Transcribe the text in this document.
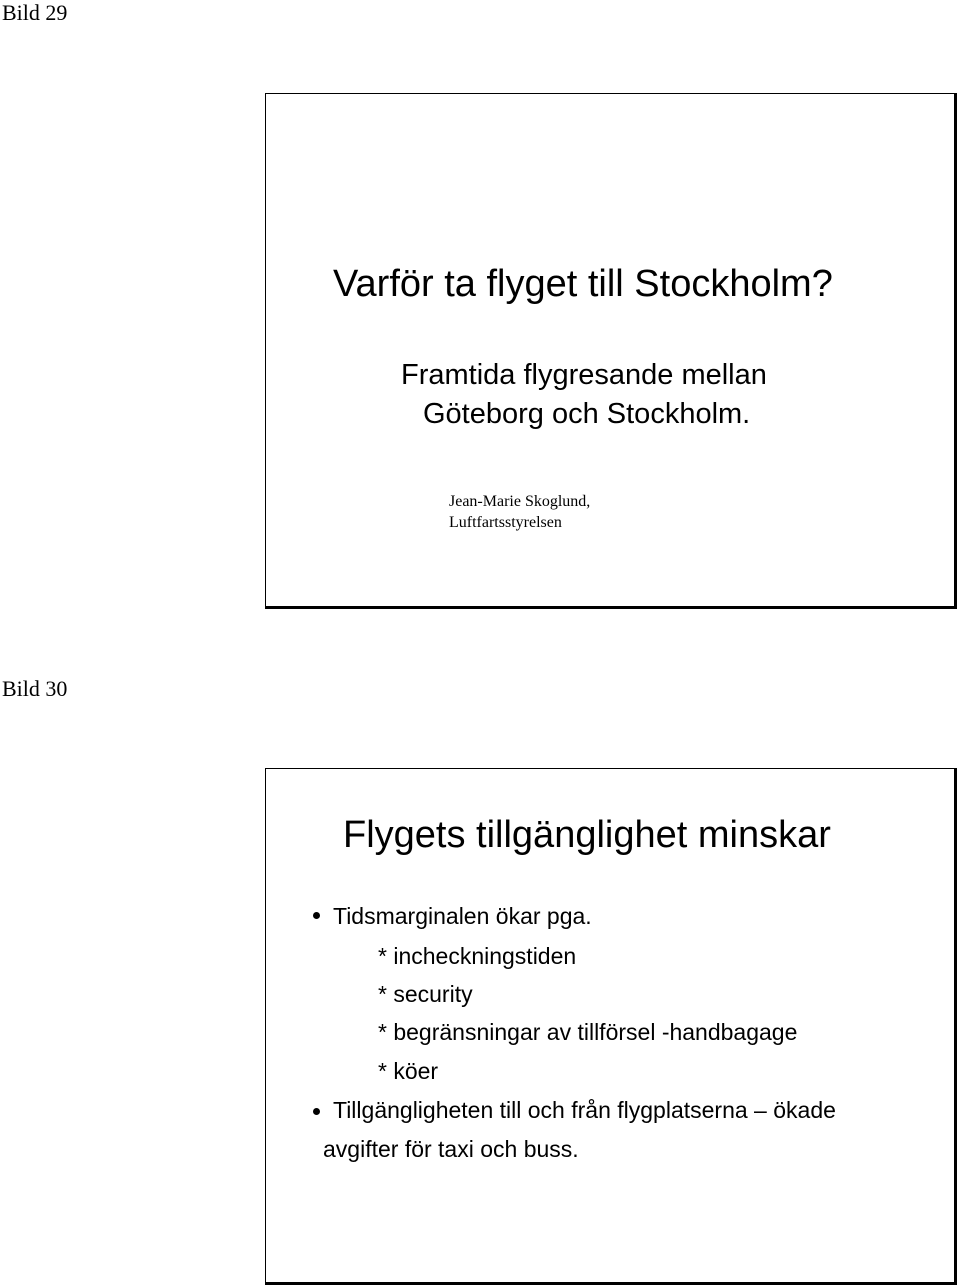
Bild 29
Varför ta flyget till Stockholm?
Framtida flygresande mellan
Göteborg och Stockholm.
Jean-Marie Skoglund,
Luftfartsstyrelsen
Bild 30
Flygets tillgänglighet minskar
Tidsmarginalen ökar pga.
* incheckningstiden
* security
* begränsningar av tillförsel -handbagage
* köer
Tillgängligheten till och från flygplatserna – ökade
avgifter för taxi och buss.
